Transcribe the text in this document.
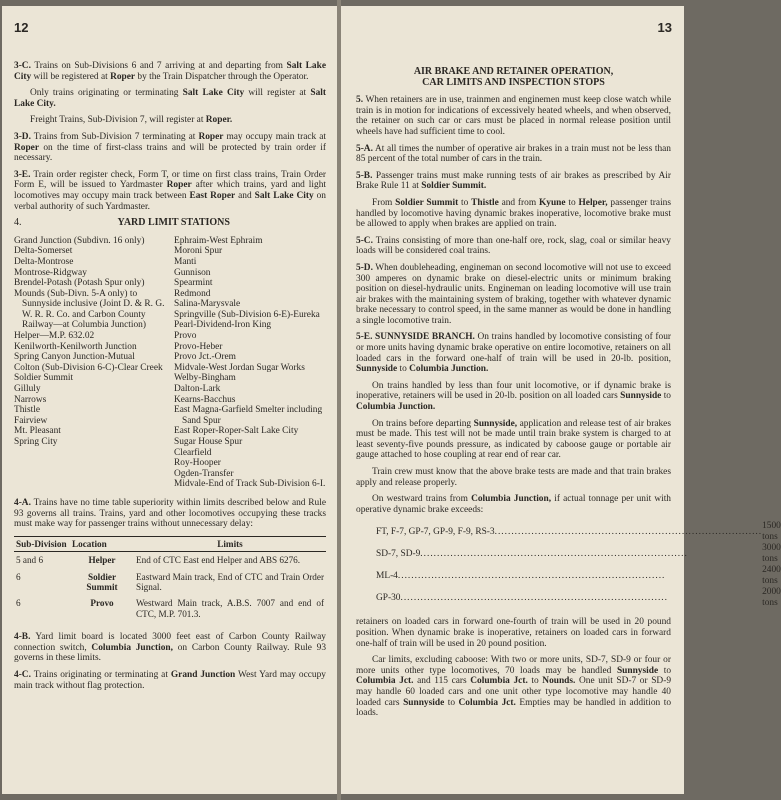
12

3-C. Trains on Sub-Divisions 6 and 7 arriving at and departing from Salt Lake City will be registered at Roper by the Train Dispatcher through the Operator.

Only trains originating or terminating Salt Lake City will register at Salt Lake City.

Freight Trains, Sub-Division 7, will register at Roper.

3-D. Trains from Sub-Division 7 terminating at Roper may occupy main track at Roper on the time of first-class trains and will be protected by train order if necessary.

3-E. Train order register check, Form T, or time on first class trains, Train Order Form E, will be issued to Yardmaster Roper after which trains, yard and light locomotives may occupy main track between East Roper and Salt Lake City on verbal authority of such Yardmaster.

4.	YARD LIMIT STATIONS
Grand Junction (Subdivn. 16 only)
Delta-Somerset
Delta-Montrose
Montrose-Ridgway
Brendel-Potash (Potash Spur only)
Mounds (Sub-Divn. 5-A only) to Sunnyside inclusive (Joint D. & R. G. W. R. R. Co. and Carbon County Railway—at Columbia Junction)
Helper—M.P. 632.02
Kenilworth-Kenilworth Junction
Spring Canyon Junction-Mutual
Colton (Sub-Division 6-C)-Clear Creek
Soldier Summit
Gilluly
Narrows
Thistle
Fairview
Mt. Pleasant
Spring City
Ephraim-West Ephraim
Moroni Spur
Manti
Gunnison
Spearmint
Redmond
Salina-Marysvale
Springville (Sub-Division 6-E)-Eureka
Pearl-Dividend-Iron King
Provo
Provo-Heber
Provo Jct.-Orem
Midvale-West Jordan Sugar Works
Welby-Bingham
Dalton-Lark
Kearns-Bacchus
East Magna-Garfield Smelter including Sand Spur
East Roper-Roper-Salt Lake City
Sugar House Spur
Clearfield
Roy-Hooper
Ogden-Transfer
Midvale-End of Track Sub-Division 6-I.

4-A. Trains have no time table superiority within limits described below and Rule 93 governs all trains. Trains, yard and other locomotives occupying these tracks must make way for passenger trains without unnecessary delay:

Sub-Division	Location	Limits
5 and 6	Helper	End of CTC East end Helper and ABS 6276.
6	Soldier Summit	Eastward Main track, End of CTC and Train Order Signal.
6	Provo	Westward Main track, A.B.S. 7007 and end of CTC, M.P. 701.3.

4-B. Yard limit board is located 3000 feet east of Carbon County Railway connection switch, Columbia Junction, on Carbon County Railway. Rule 93 governs in these limits.

4-C. Trains originating or terminating at Grand Junction West Yard may occupy main track without flag protection.

13
AIR BRAKE AND RETAINER OPERATION,
CAR LIMITS AND INSPECTION STOPS

5. When retainers are in use, trainmen and enginemen must keep close watch while train is in motion for indications of excessively heated wheels, and when observed, the retainer on such car or cars must be placed in normal release position until wheels have had sufficient time to cool.

5-A. At all times the number of operative air brakes in a train must not be less than 85 percent of the total number of cars in the train.

5-B. Passenger trains must make running tests of air brakes as prescribed by Air Brake Rule 11 at Soldier Summit.

From Soldier Summit to Thistle and from Kyune to Helper, passenger trains handled by locomotive having dynamic brakes inoperative, locomotive brake must be allowed to apply when brakes are applied on train.

5-C. Trains consisting of more than one-half ore, rock, slag, coal or similar heavy loads will be considered coal trains.

5-D. When doubleheading, engineman on second locomotive will not use to exceed 300 amperes on dynamic brake on diesel-electric units or minimum braking position on diesel-hydraulic units. Engineman on leading locomotive will use train air brakes with the maintaining system of braking, together with whatever dynamic brake necessary to control speed, in the same manner as would be done in handling a single locomotive train.

5-E. SUNNYSIDE BRANCH. On trains handled by locomotive consisting of four or more units having dynamic brake operative on entire locomotive, retainers on all loaded cars in the forward one-half of train will be used in 20-lb. position, Sunnyside to Columbia Junction.

On trains handled by less than four unit locomotive, or if dynamic brake is inoperative, retainers will be used in 20-lb. position on all loaded cars Sunnyside to Columbia Junction.

On trains before departing Sunnyside, application and release test of air brakes must be made. This test will not be made until train brake system is charged to at least seventy-five pounds pressure, as indicated by caboose gauge or portable air gauge attached to hose coupling at rear end of rear car.

Train crew must know that the above brake tests are made and that train brakes apply and release properly.

On westward trains from Columbia Junction, if actual tonnage per unit with operative dynamic brake exceeds:

FT, F-7, GP-7, GP-9, F-9, RS-3................................................................................	1500 tons
SD-7, SD-9................................................................................	3000 tons
ML-4................................................................................	2400 tons
GP-30................................................................................	2000 tons

retainers on loaded cars in forward one-fourth of train will be used in 20 pound position. When dynamic brake is inoperative, retainers on loaded cars in forward one-half of train will be used in 20 pound position.

Car limits, excluding caboose: With two or more units, SD-7, SD-9 or four or more units other type locomotives, 70 loads may be handled Sunnyside to Columbia Jct. and 115 cars Columbia Jct. to Nounds. One unit SD-7 or SD-9 may handle 60 loaded cars and one unit other type locomotive may handle 40 loaded cars Sunnyside to Columbia Jct. Empties may be handled in addition to loads.
